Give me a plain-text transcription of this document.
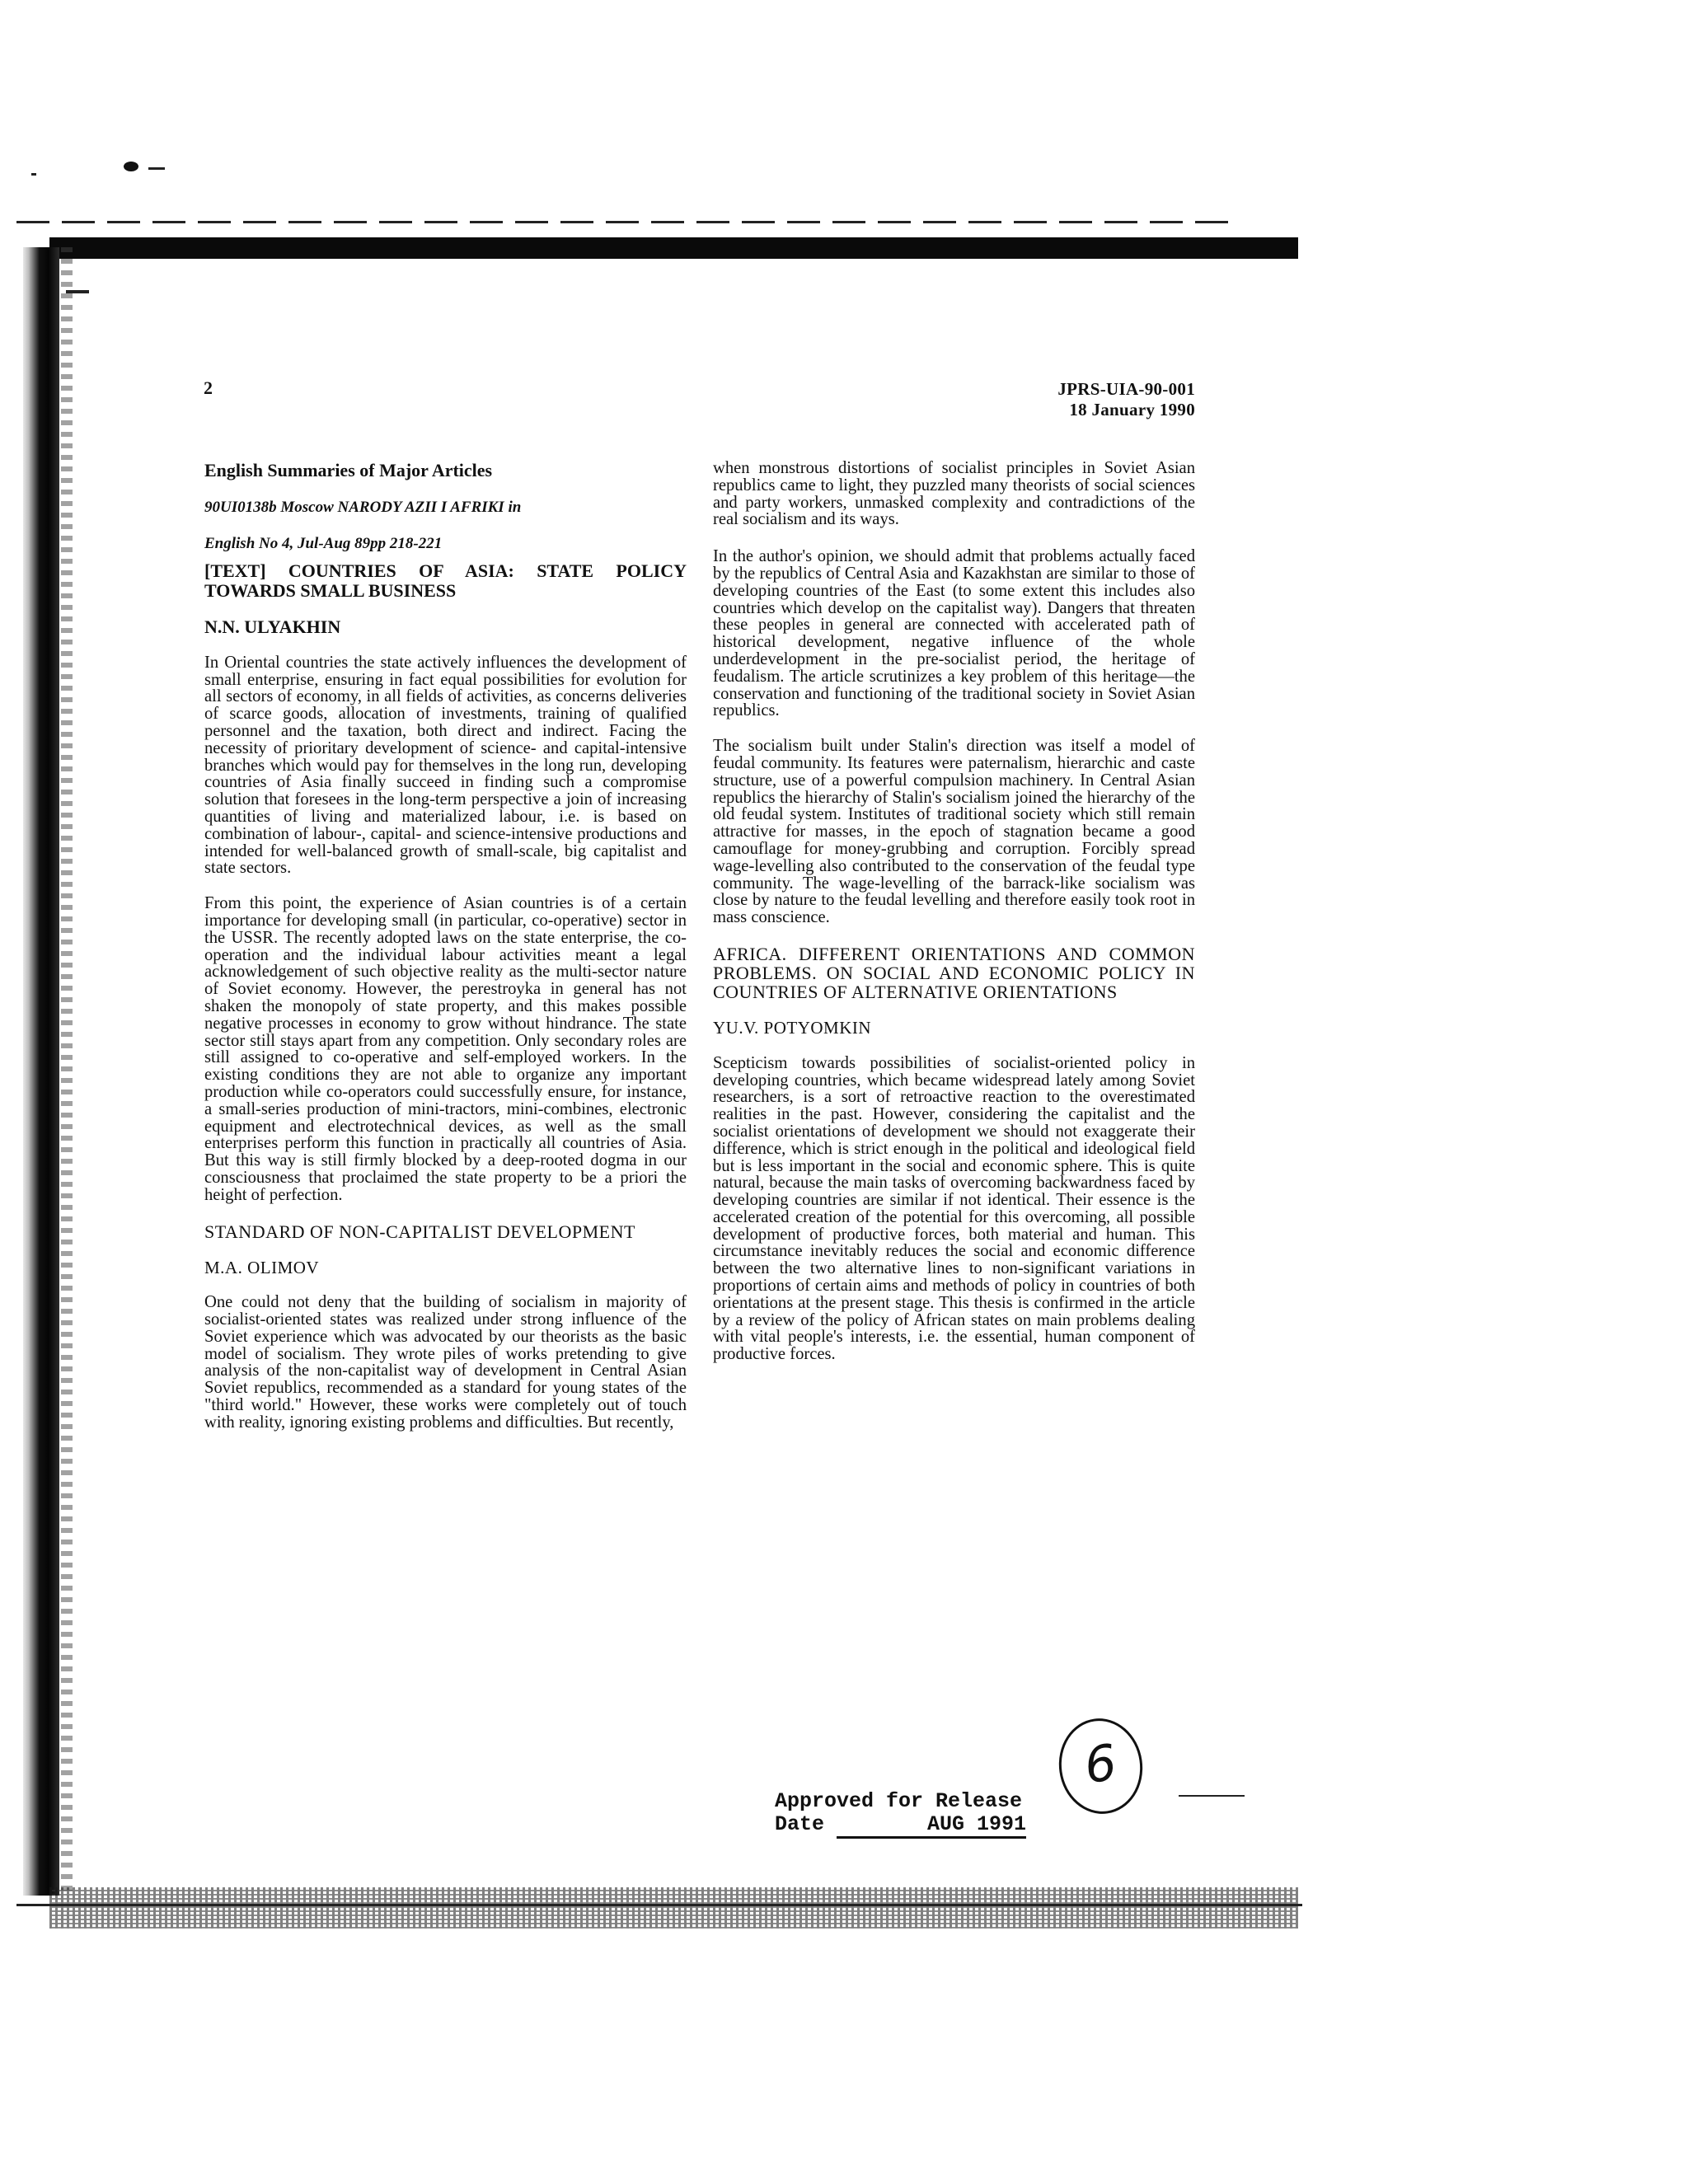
2	JPRS-UIA-90-001
18 January 1990

English Summaries of Major Articles

90UI0138b Moscow NARODY AZII I AFRIKI in

English No 4, Jul-Aug 89pp 218-221

[TEXT] COUNTRIES OF ASIA: STATE POLICY TOWARDS SMALL BUSINESS

N.N. ULYAKHIN

In Oriental countries the state actively influences the development of small enterprise, ensuring in fact equal possibilities for evolution for all sectors of economy, in all fields of activities, as concerns deliveries of scarce goods, allocation of investments, training of qualified personnel and the taxation, both direct and indirect. Facing the necessity of prioritary development of science- and capital-intensive branches which would pay for themselves in the long run, developing countries of Asia finally succeed in finding such a compromise solution that foresees in the long-term perspective a join of increasing quantities of living and materialized labour, i.e. is based on combination of labour-, capital- and science-intensive productions and intended for well-balanced growth of small-scale, big capitalist and state sectors.

From this point, the experience of Asian countries is of a certain importance for developing small (in particular, co-operative) sector in the USSR. The recently adopted laws on the state enterprise, the co-operation and the individual labour activities meant a legal acknowledgement of such objective reality as the multi-sector nature of Soviet economy. However, the perestroyka in general has not shaken the monopoly of state property, and this makes possible negative processes in economy to grow without hindrance. The state sector still stays apart from any competition. Only secondary roles are still assigned to co-operative and self-employed workers. In the existing conditions they are not able to organize any important production while co-operators could successfully ensure, for instance, a small-series production of mini-tractors, mini-combines, electronic equipment and electrotechnical devices, as well as the small enterprises perform this function in practically all countries of Asia. But this way is still firmly blocked by a deep-rooted dogma in our consciousness that proclaimed the state property to be a priori the height of perfection.

STANDARD OF NON-CAPITALIST DEVELOPMENT

M.A. OLIMOV

One could not deny that the building of socialism in majority of socialist-oriented states was realized under strong influence of the Soviet experience which was advocated by our theorists as the basic model of socialism. They wrote piles of works pretending to give analysis of the non-capitalist way of development in Central Asian Soviet republics, recommended as a standard for young states of the "third world." However, these works were completely out of touch with reality, ignoring existing problems and difficulties. But recently,

when monstrous distortions of socialist principles in Soviet Asian republics came to light, they puzzled many theorists of social sciences and party workers, unmasked complexity and contradictions of the real socialism and its ways.

In the author's opinion, we should admit that problems actually faced by the republics of Central Asia and Kazakhstan are similar to those of developing countries of the East (to some extent this includes also countries which develop on the capitalist way). Dangers that threaten these peoples in general are connected with accelerated path of historical development, negative influence of the whole underdevelopment in the pre-socialist period, the heritage of feudalism. The article scrutinizes a key problem of this heritage—the conservation and functioning of the traditional society in Soviet Asian republics.

The socialism built under Stalin's direction was itself a model of feudal community. Its features were paternalism, hierarchic and caste structure, use of a powerful compulsion machinery. In Central Asian republics the hierarchy of Stalin's socialism joined the hierarchy of the old feudal system. Institutes of traditional society which still remain attractive for masses, in the epoch of stagnation became a good camouflage for money-grubbing and corruption. Forcibly spread wage-levelling also contributed to the conservation of the feudal type community. The wage-levelling of the barrack-like socialism was close by nature to the feudal levelling and therefore easily took root in mass conscience.

AFRICA. DIFFERENT ORIENTATIONS AND COMMON PROBLEMS. ON SOCIAL AND ECONOMIC POLICY IN COUNTRIES OF ALTERNATIVE ORIENTATIONS

YU.V. POTYOMKIN

Scepticism towards possibilities of socialist-oriented policy in developing countries, which became widespread lately among Soviet researchers, is a sort of retroactive reaction to the overestimated realities in the past. However, considering the capitalist and the socialist orientations of development we should not exaggerate their difference, which is strict enough in the political and ideological field but is less important in the social and economic sphere. This is quite natural, because the main tasks of overcoming backwardness faced by developing countries are similar if not identical. Their essence is the accelerated creation of the potential for this overcoming, all possible development of productive forces, both material and human. This circumstance inevitably reduces the social and economic difference between the two alternative lines to non-significant variations in proportions of certain aims and methods of policy in countries of both orientations at the present stage. This thesis is confirmed in the article by a review of the policy of African states on main problems dealing with vital people's interests, i.e. the essential, human component of productive forces.

6
Approved for Release
Date	AUG 1991
